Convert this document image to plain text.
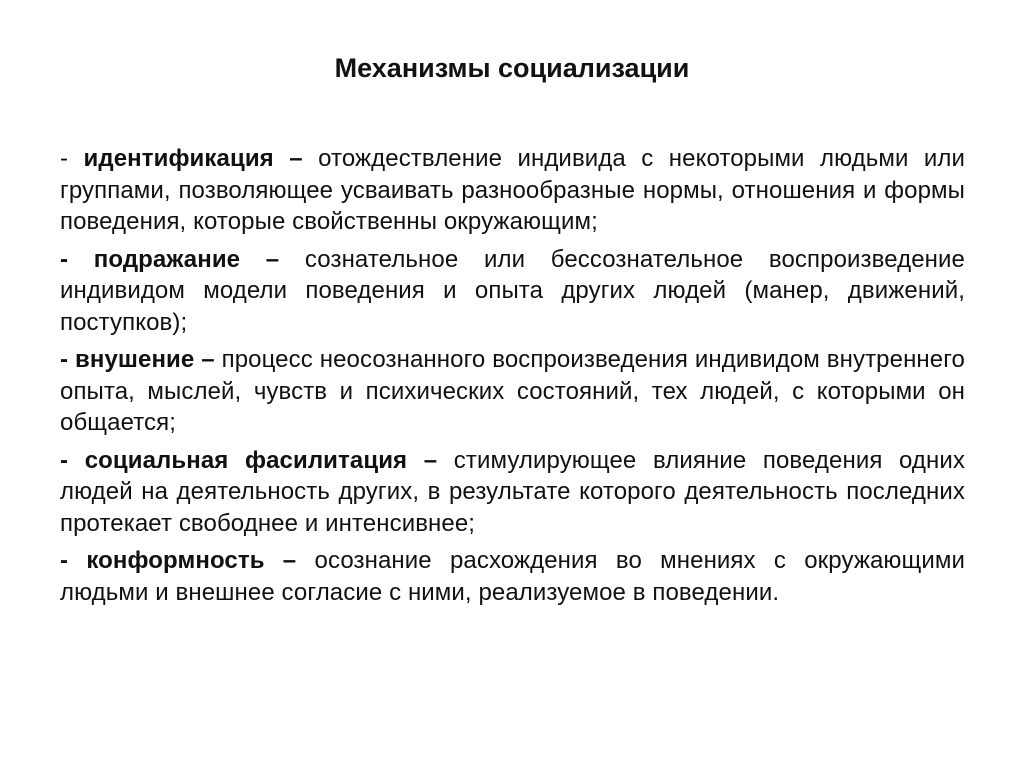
Механизмы социализации

- идентификация – отождествление индивида с некоторыми людьми или группами, позволяющее усваивать разнообразные нормы, отношения и формы поведения, которые свойственны окружающим;

- подражание – сознательное или бессознательное воспроизведение индивидом модели поведения и опыта других людей (манер, движений, поступков);

- внушение – процесс неосознанного воспроизведения индивидом внутреннего опыта, мыслей, чувств и психических состояний, тех людей, с которыми он общается;

- социальная фасилитация – стимулирующее влияние поведения одних людей на деятельность других, в результате которого деятельность последних протекает свободнее и интенсивнее;

- конформность – осознание расхождения во мнениях с окружающими людьми и внешнее согласие с ними, реализуемое в поведении.
